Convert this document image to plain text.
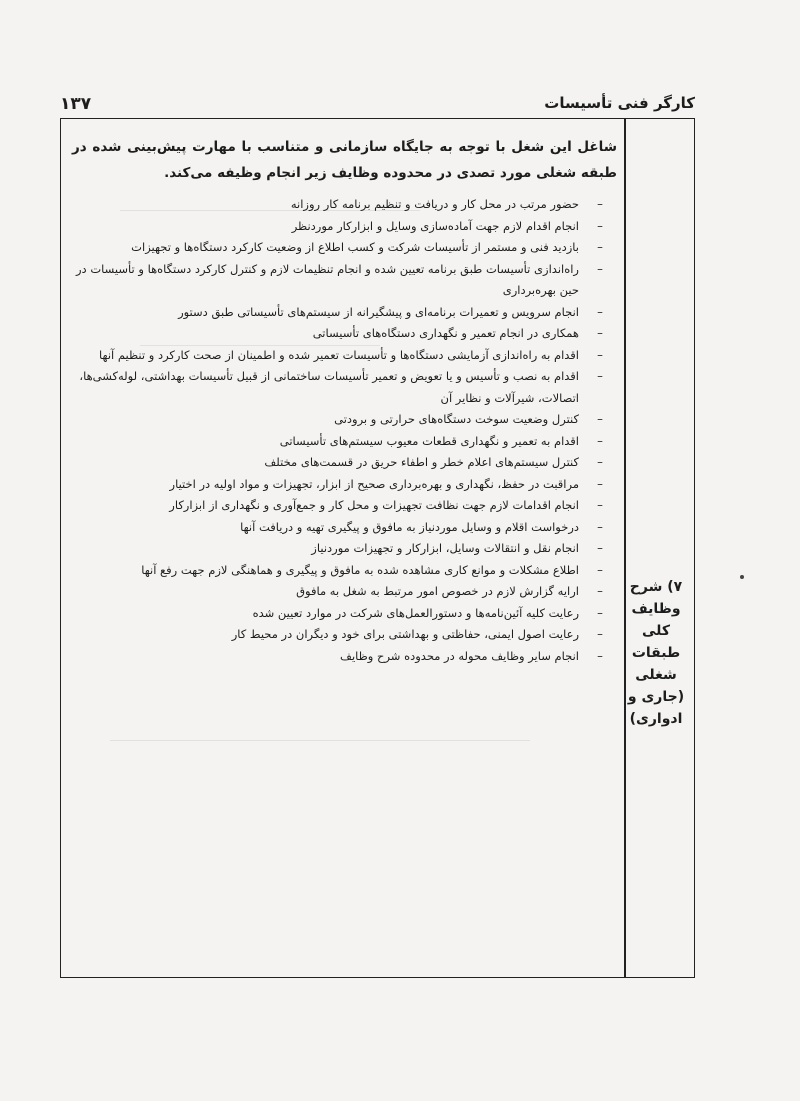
۱۳۷	کارگر فنی تأسیسات
۷) شرح وظایف کلی طبقات شغلی (جاری و ادواری)

شاغل این شغل با توجه به جایگاه سازمانی و متناسب با مهارت پیش‌بینی شده در طبقه شغلی مورد تصدی در محدوده وظایف زیر انجام وظیفه می‌کند.

–
حضور مرتب در محل کار و دریافت و تنظیم برنامه کار روزانه
–
انجام اقدام لازم جهت آماده‌سازی وسایل و ابزارکار موردنظر
–
بازدید فنی و مستمر از تأسیسات شرکت و کسب اطلاع از وضعیت کارکرد دستگاه‌ها و تجهیزات
–
راه‌اندازی تأسیسات طبق برنامه تعیین شده و انجام تنظیمات لازم و کنترل کارکرد دستگاه‌ها و تأسیسات در حین بهره‌برداری
–
انجام سرویس و تعمیرات برنامه‌ای و پیشگیرانه از سیستم‌های تأسیساتی طبق دستور
–
همکاری در انجام تعمیر و نگهداری دستگاه‌های تأسیساتی
–
اقدام به راه‌اندازی آزمایشی دستگاه‌ها و تأسیسات تعمیر شده و اطمینان از صحت کارکرد و تنظیم آنها
–
اقدام به نصب و تأسیس و یا تعویض و تعمیر تأسیسات ساختمانی از قبیل تأسیسات بهداشتی، لوله‌کشی‌ها، اتصالات، شیرآلات و نظایر آن
–
کنترل وضعیت سوخت دستگاه‌های حرارتی و برودتی
–
اقدام به تعمیر و نگهداری قطعات معیوب سیستم‌های تأسیساتی
–
کنترل سیستم‌های اعلام خطر و اطفاء حریق در قسمت‌های مختلف
–
مراقبت در حفظ، نگهداری و بهره‌برداری صحیح از ابزار، تجهیزات و مواد اولیه در اختیار
–
انجام اقدامات لازم جهت نظافت تجهیزات و محل کار و جمع‌آوری و نگهداری از ابزارکار
–
درخواست اقلام و وسایل موردنیاز به مافوق و پیگیری تهیه و دریافت آنها
–
انجام نقل و انتقالات وسایل، ابزارکار و تجهیزات موردنیاز
–
اطلاع مشکلات و موانع کاری مشاهده شده به مافوق و پیگیری و هماهنگی لازم جهت رفع آنها
–
ارایه گزارش لازم در خصوص امور مرتبط به شغل به مافوق
–
رعایت کلیه آئین‌نامه‌ها و دستورالعمل‌های شرکت در موارد تعیین شده
–
رعایت اصول ایمنی، حفاظتی و بهداشتی برای خود و دیگران در محیط کار
–
انجام سایر وظایف محوله در محدوده شرح وظایف
